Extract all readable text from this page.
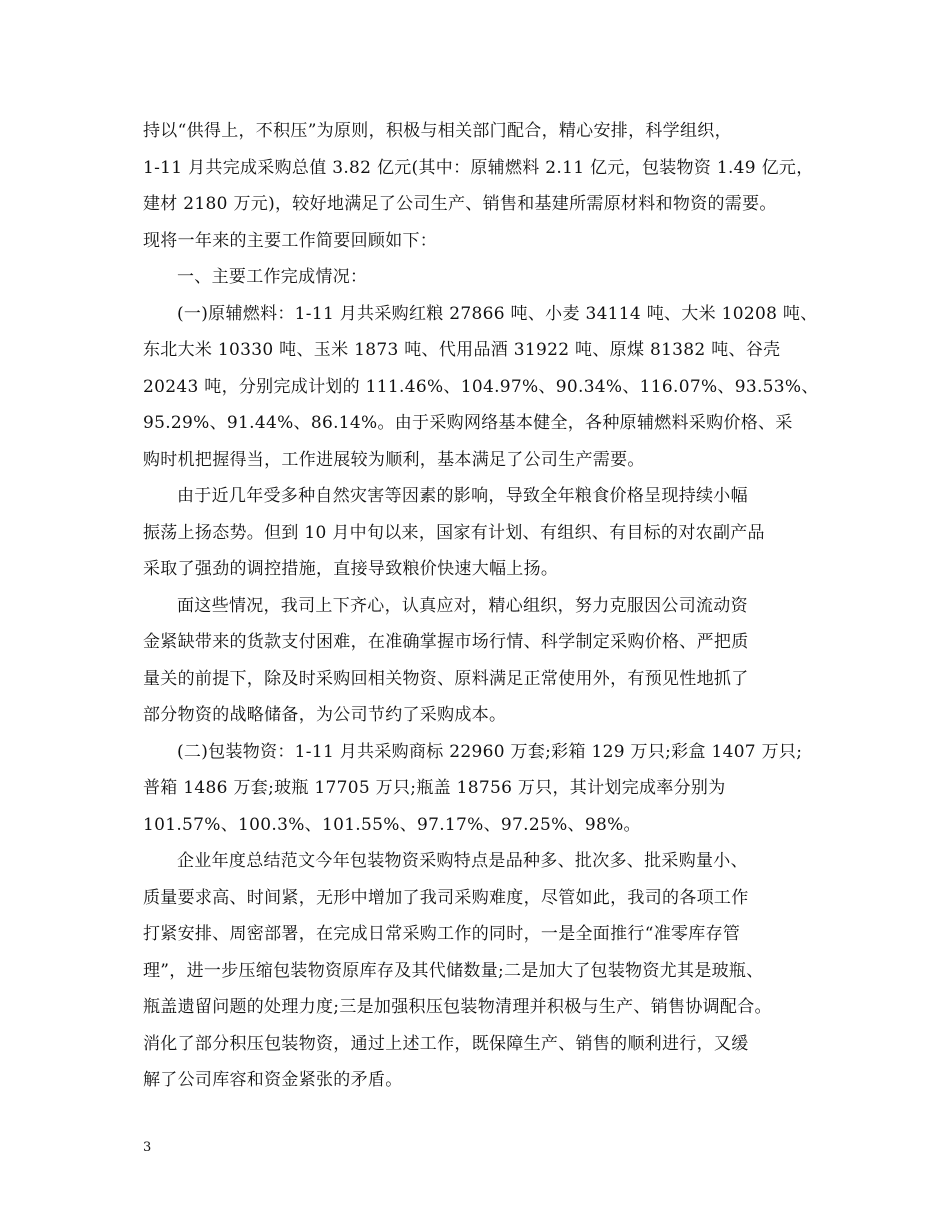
持以“供得上，不积压”为原则，积极与相关部门配合，精心安排，科学组织，
1-11 月共完成采购总值 3.82 亿元(其中：原辅燃料 2.11 亿元，包装物资 1.49 亿元，
建材 2180 万元)，较好地满足了公司生产、销售和基建所需原材料和物资的需要。
现将一年来的主要工作简要回顾如下：
一、主要工作完成情况：
(一)原辅燃料：1-11 月共采购红粮 27866 吨、小麦 34114 吨、大米 10208 吨、
东北大米 10330 吨、玉米 1873 吨、代用品酒 31922 吨、原煤 81382 吨、谷壳
20243 吨，分别完成计划的 111.46%、104.97%、90.34%、116.07%、93.53%、
95.29%、91.44%、86.14%。由于采购网络基本健全，各种原辅燃料采购价格、采
购时机把握得当，工作进展较为顺利，基本满足了公司生产需要。
由于近几年受多种自然灾害等因素的影响，导致全年粮食价格呈现持续小幅
振荡上扬态势。但到 10 月中旬以来，国家有计划、有组织、有目标的对农副产品
采取了强劲的调控措施，直接导致粮价快速大幅上扬。
面这些情况，我司上下齐心，认真应对，精心组织，努力克服因公司流动资
金紧缺带来的货款支付困难，在准确掌握市场行情、科学制定采购价格、严把质
量关的前提下，除及时采购回相关物资、原料满足正常使用外，有预见性地抓了
部分物资的战略储备，为公司节约了采购成本。
(二)包装物资：1-11 月共采购商标 22960 万套;彩箱 129 万只;彩盒 1407 万只;
普箱 1486 万套;玻瓶 17705 万只;瓶盖 18756 万只，其计划完成率分别为
101.57%、100.3%、101.55%、97.17%、97.25%、98%。
企业年度总结范文今年包装物资采购特点是品种多、批次多、批采购量小、
质量要求高、时间紧，无形中增加了我司采购难度，尽管如此，我司的各项工作
打紧安排、周密部署，在完成日常采购工作的同时，一是全面推行“准零库存管
理”，进一步压缩包装物资原库存及其代储数量;二是加大了包装物资尤其是玻瓶、
瓶盖遗留问题的处理力度;三是加强积压包装物清理并积极与生产、销售协调配合。
消化了部分积压包装物资，通过上述工作，既保障生产、销售的顺利进行，又缓
解了公司库容和资金紧张的矛盾。
3
